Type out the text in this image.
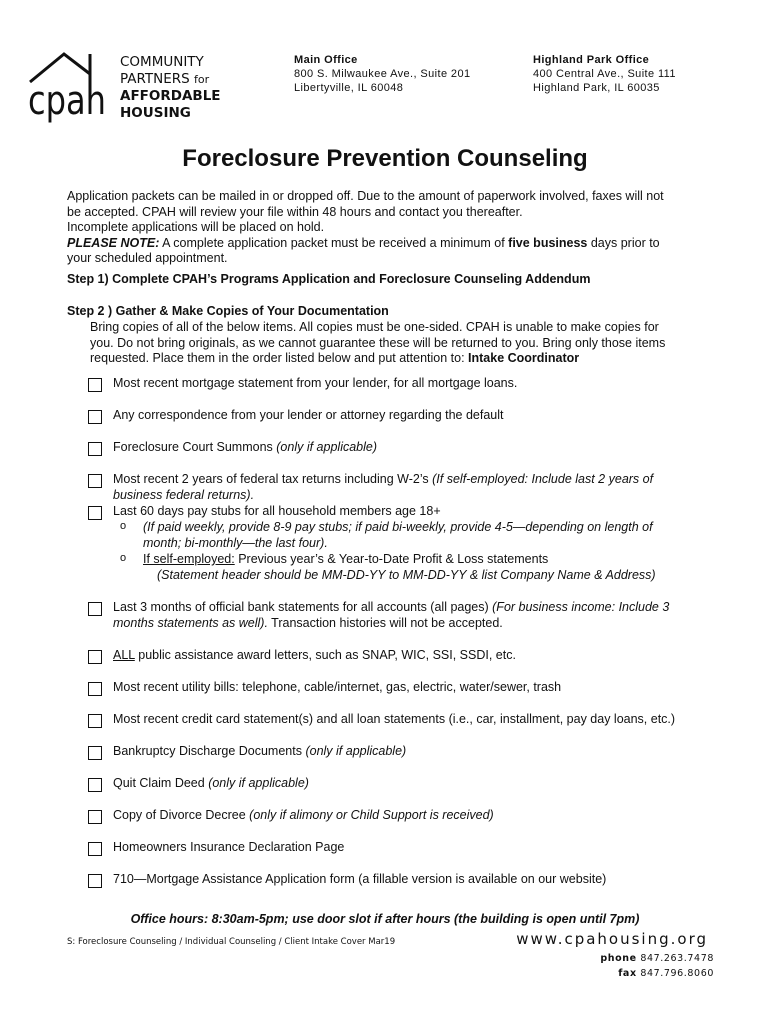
cpah
COMMUNITY
PARTNERS for
AFFORDABLE
HOUSING
Main Office
800 S. Milwaukee Ave., Suite 201
Libertyville, IL 60048
Highland Park Office
400 Central Ave., Suite 111
Highland Park, IL 60035
Foreclosure Prevention Counseling
Application packets can be mailed in or dropped off. Due to the amount of paperwork involved, faxes will not
be accepted. CPAH will review your file within 48 hours and contact you thereafter.
Incomplete applications will be placed on hold.
PLEASE NOTE: A complete application packet must be received a minimum of five business days prior to
your scheduled appointment.
Step 1) Complete CPAH’s Programs Application and Foreclosure Counseling Addendum
Step 2 ) Gather & Make Copies of Your Documentation
Bring copies of all of the below items. All copies must be one-sided. CPAH is unable to make copies for
you. Do not bring originals, as we cannot guarantee these will be returned to you. Bring only those items
requested. Place them in the order listed below and put attention to: Intake Coordinator
Most recent mortgage statement from your lender, for all mortgage loans.
Any correspondence from your lender or attorney regarding the default
Foreclosure Court Summons (only if applicable)
Most recent 2 years of federal tax returns including W-2’s (If self-employed: Include last 2 years of
business federal returns).
Last 60 days pay stubs for all household members age 18+
o (If paid weekly, provide 8-9 pay stubs; if paid bi-weekly, provide 4-5—depending on length of
month; bi-monthly—the last four).
o If self-employed: Previous year’s & Year-to-Date Profit & Loss statements
(Statement header should be MM-DD-YY to MM-DD-YY & list Company Name & Address)
Last 3 months of official bank statements for all accounts (all pages) (For business income: Include 3
months statements as well). Transaction histories will not be accepted.
ALL public assistance award letters, such as SNAP, WIC, SSI, SSDI, etc.
Most recent utility bills: telephone, cable/internet, gas, electric, water/sewer, trash
Most recent credit card statement(s) and all loan statements (i.e., car, installment, pay day loans, etc.)
Bankruptcy Discharge Documents (only if applicable)
Quit Claim Deed (only if applicable)
Copy of Divorce Decree (only if alimony or Child Support is received)
Homeowners Insurance Declaration Page
710—Mortgage Assistance Application form (a fillable version is available on our website)
Office hours: 8:30am-5pm; use door slot if after hours (the building is open until 7pm)
S: Foreclosure Counseling / Individual Counseling / Client Intake Cover Mar19	www.cpahousing.org
phone 847.263.7478
fax 847.796.8060
